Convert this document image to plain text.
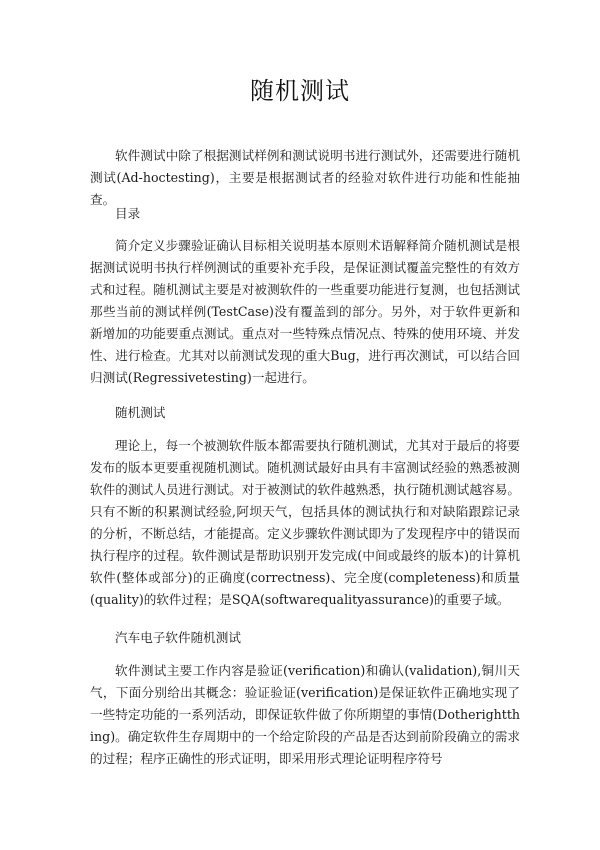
随机测试

软件测试中除了根据测试样例和测试说明书进行测试外，还需要进行随机测试(Ad-hoctesting)，主要是根据测试者的经验对软件进行功能和性能抽查。

目录

简介定义步骤验证确认目标相关说明基本原则术语解释简介随机测试是根据测试说明书执行样例测试的重要补充手段，是保证测试覆盖完整性的有效方式和过程。随机测试主要是对被测软件的一些重要功能进行复测，也包括测试那些当前的测试样例(TestCase)没有覆盖到的部分。另外，对于软件更新和新增加的功能要重点测试。重点对一些特殊点情况点、特殊的使用环境、并发性、进行检查。尤其对以前测试发现的重大Bug，进行再次测试，可以结合回归测试(Regressivetesting)一起进行。

随机测试

理论上，每一个被测软件版本都需要执行随机测试，尤其对于最后的将要发布的版本更要重视随机测试。随机测试最好由具有丰富测试经验的熟悉被测软件的测试人员进行测试。对于被测试的软件越熟悉，执行随机测试越容易。只有不断的积累测试经验,阿坝天气，包括具体的测试执行和对缺陷跟踪记录的分析，不断总结，才能提高。定义步骤软件测试即为了发现程序中的错误而执行程序的过程。软件测试是帮助识别开发完成(中间或最终的版本)的计算机软件(整体或部分)的正确度(correctness)、完全度(completeness)和质量(quality)的软件过程；是SQA(softwarequalityassurance)的重要子域。

汽车电子软件随机测试

软件测试主要工作内容是验证(verification)和确认(validation),铜川天气，下面分别给出其概念：验证验证(verification)是保证软件正确地实现了一些特定功能的一系列活动，即保证软件做了你所期望的事情(Dotherightthing)。确定软件生存周期中的一个给定阶段的产品是否达到前阶段确立的需求的过程；程序正确性的形式证明，即采用形式理论证明程序符号
